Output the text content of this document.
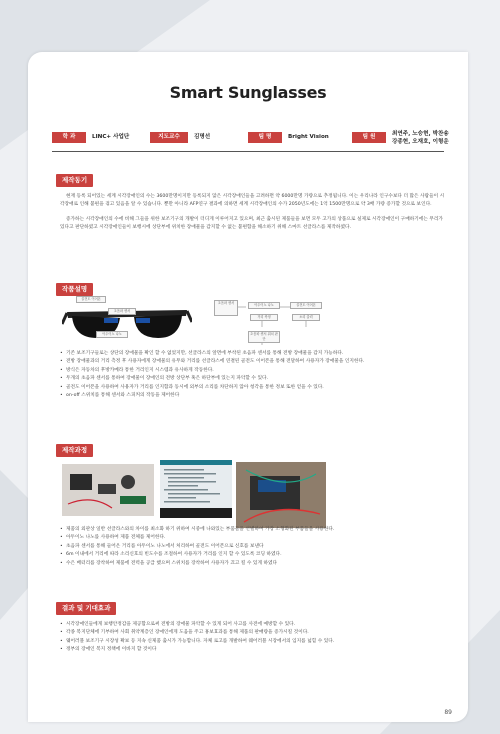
Smart Sunglasses
학 과	LINC+ 사업단	지도교수	김명선	팀 명	Bright Vision	팀 원	최연주, 노승현, 박찬송
강종현, 오재호, 이형운
제작동기

현재 등록 되어있는 세계 시각장애인의 수는 3600만명이지만 등록되지 않은 시각장애인들을 고려하면 약 6000만명 가량으로 추정됩니다. 이는 우리나라 인구수보다 더 많은 사람들이 시각장애로 인해 불편을 겪고 있음을 알 수 있습니다. 뿐만 아니라 AFP연구 결과에 의하면 세계 시각장애인의 수가 2050년도에는 1억 1500만명으로 약 3배 가량 증가할 것으로 보인다.

증가하는 시각장애인의 수에 비해 그들을 위한 보조기구의 개발이 더디게 이루어지고 있으며, 최근 출시된 제품들을 보면 모두 고가의 상품으로 실제로 시각장애인이 구매하기에는 무리가 있다고 판단하였고 시각장애인들이 보행시에 상단부에 위치한 장애물을 감지할 수 없는 불편함을 해소하기 위해 스마트 선글라스를 제작하였다.

작품설명
골전도 이어폰
초음파 센서
아두이노 나노
초음파 센서	아두이노 나노	골전도 이어폰
거리 측정	소리 출력
초음파 센서 위치 판단
• 기존 보조기구들로는 상단의 장애물을 확인 할 수 없었지만, 선글라스의 앞면에 부착된 초음파 센서를 통해 전방 장애물을 감지 가능하다.
• 전방 장애물과의 거리 측정 후 사용자에게 장애물의 유무와 거리를 선글라스에 연결된 골전도 이어폰을 통해 전달하여 사용자가 장애물을 인지한다.
• 방식은 자동차의 후방카메라 통한 거리인지 시스템과 유사하게 작동한다.
• 두개의 초음파 센서를 통하여 장애물이 장애인의 전방 상단부 혹은 하단부에 있는지 파악할 수 있다.
• 골전도 이어폰을 사용하여 사용자가 거리를 인지함과 동시에 외부의 소리를 차단하지 않아 청각을 통한 정보 또한 얻을 수 있다.
• on-off 스위치를 통해 센서와 스피커의 작동을 제어한다
제작과정
• 제품의 외관상 일반 선글라스와의 차이를 최소화 하기 위하여 시중에 나와있는 부품들을 선별하여 가장 소형화된 부품들을 사용한다.
• 아두이노 나노를 사용하여 제품 전체를 제어한다.
• 초음파 센서를 통해 들어온 거리를 아두이노 나노에서 처리하여 골전도 이어폰으로 신호를 보낸다
• 6m 이내에서 거리에 따라 소리신호의 빈도수를 조절하여 사용자가 거리를 인지 할 수 있도록 코딩 하였다.
• 수은 배터리를 장착하여 제품에 전력을 공급 했으며 스위치를 장착하여 사용자가 끄고 킬 수 있게 하였다
결과 및 기대효과
• 시각장애인들에게 보행안정감을 제공함으로써 전방의 장애물 파악할 수 있게 되어 사고를 사전에 예방할 수 있다.
• 각종 복지단체에 기부하여 사회 취약계층인 장애인에게 도움을 주고 홍보효과를 통해 제품의 판매량을 증가시킬 것이다.
• 웨어러블 보조기구 시장성 확보 등 지속 신제품 출시가 가능합니다. 자체 로고를 개발하여 웨어러블 시장에서의 입지를 넓힐 수 있다.
• 정부의 장애인 복지 정책에 이바지 할 것이다
89
